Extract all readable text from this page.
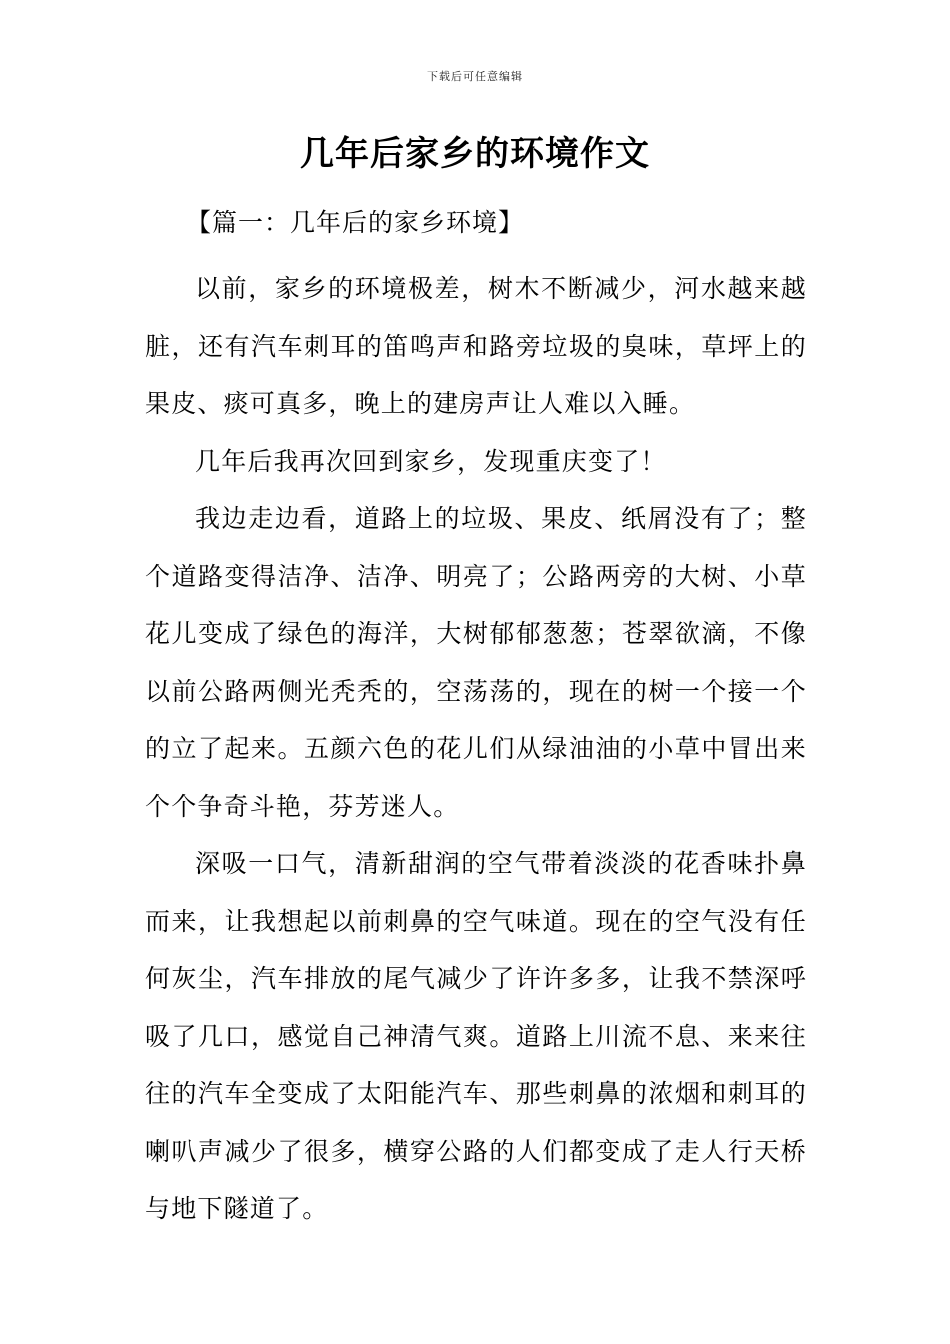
下载后可任意编辑
几年后家乡的环境作文
【篇一：几年后的家乡环境】

以前，家乡的环境极差，树木不断减少，河水越来越脏，还有汽车刺耳的笛鸣声和路旁垃圾的臭味，草坪上的果皮、痰可真多，晚上的建房声让人难以入睡。

几年后我再次回到家乡，发现重庆变了！

我边走边看，道路上的垃圾、果皮、纸屑没有了；整个道路变得洁净、洁净、明亮了；公路两旁的大树、小草花儿变成了绿色的海洋，大树郁郁葱葱；苍翠欲滴，不像以前公路两侧光秃秃的，空荡荡的，现在的树一个接一个的立了起来。五颜六色的花儿们从绿油油的小草中冒出来个个争奇斗艳，芬芳迷人。

深吸一口气，清新甜润的空气带着淡淡的花香味扑鼻而来，让我想起以前刺鼻的空气味道。现在的空气没有任何灰尘，汽车排放的尾气减少了许许多多，让我不禁深呼吸了几口，感觉自己神清气爽。道路上川流不息、来来往往的汽车全变成了太阳能汽车、那些刺鼻的浓烟和刺耳的喇叭声减少了很多，横穿公路的人们都变成了走人行天桥与地下隧道了。
